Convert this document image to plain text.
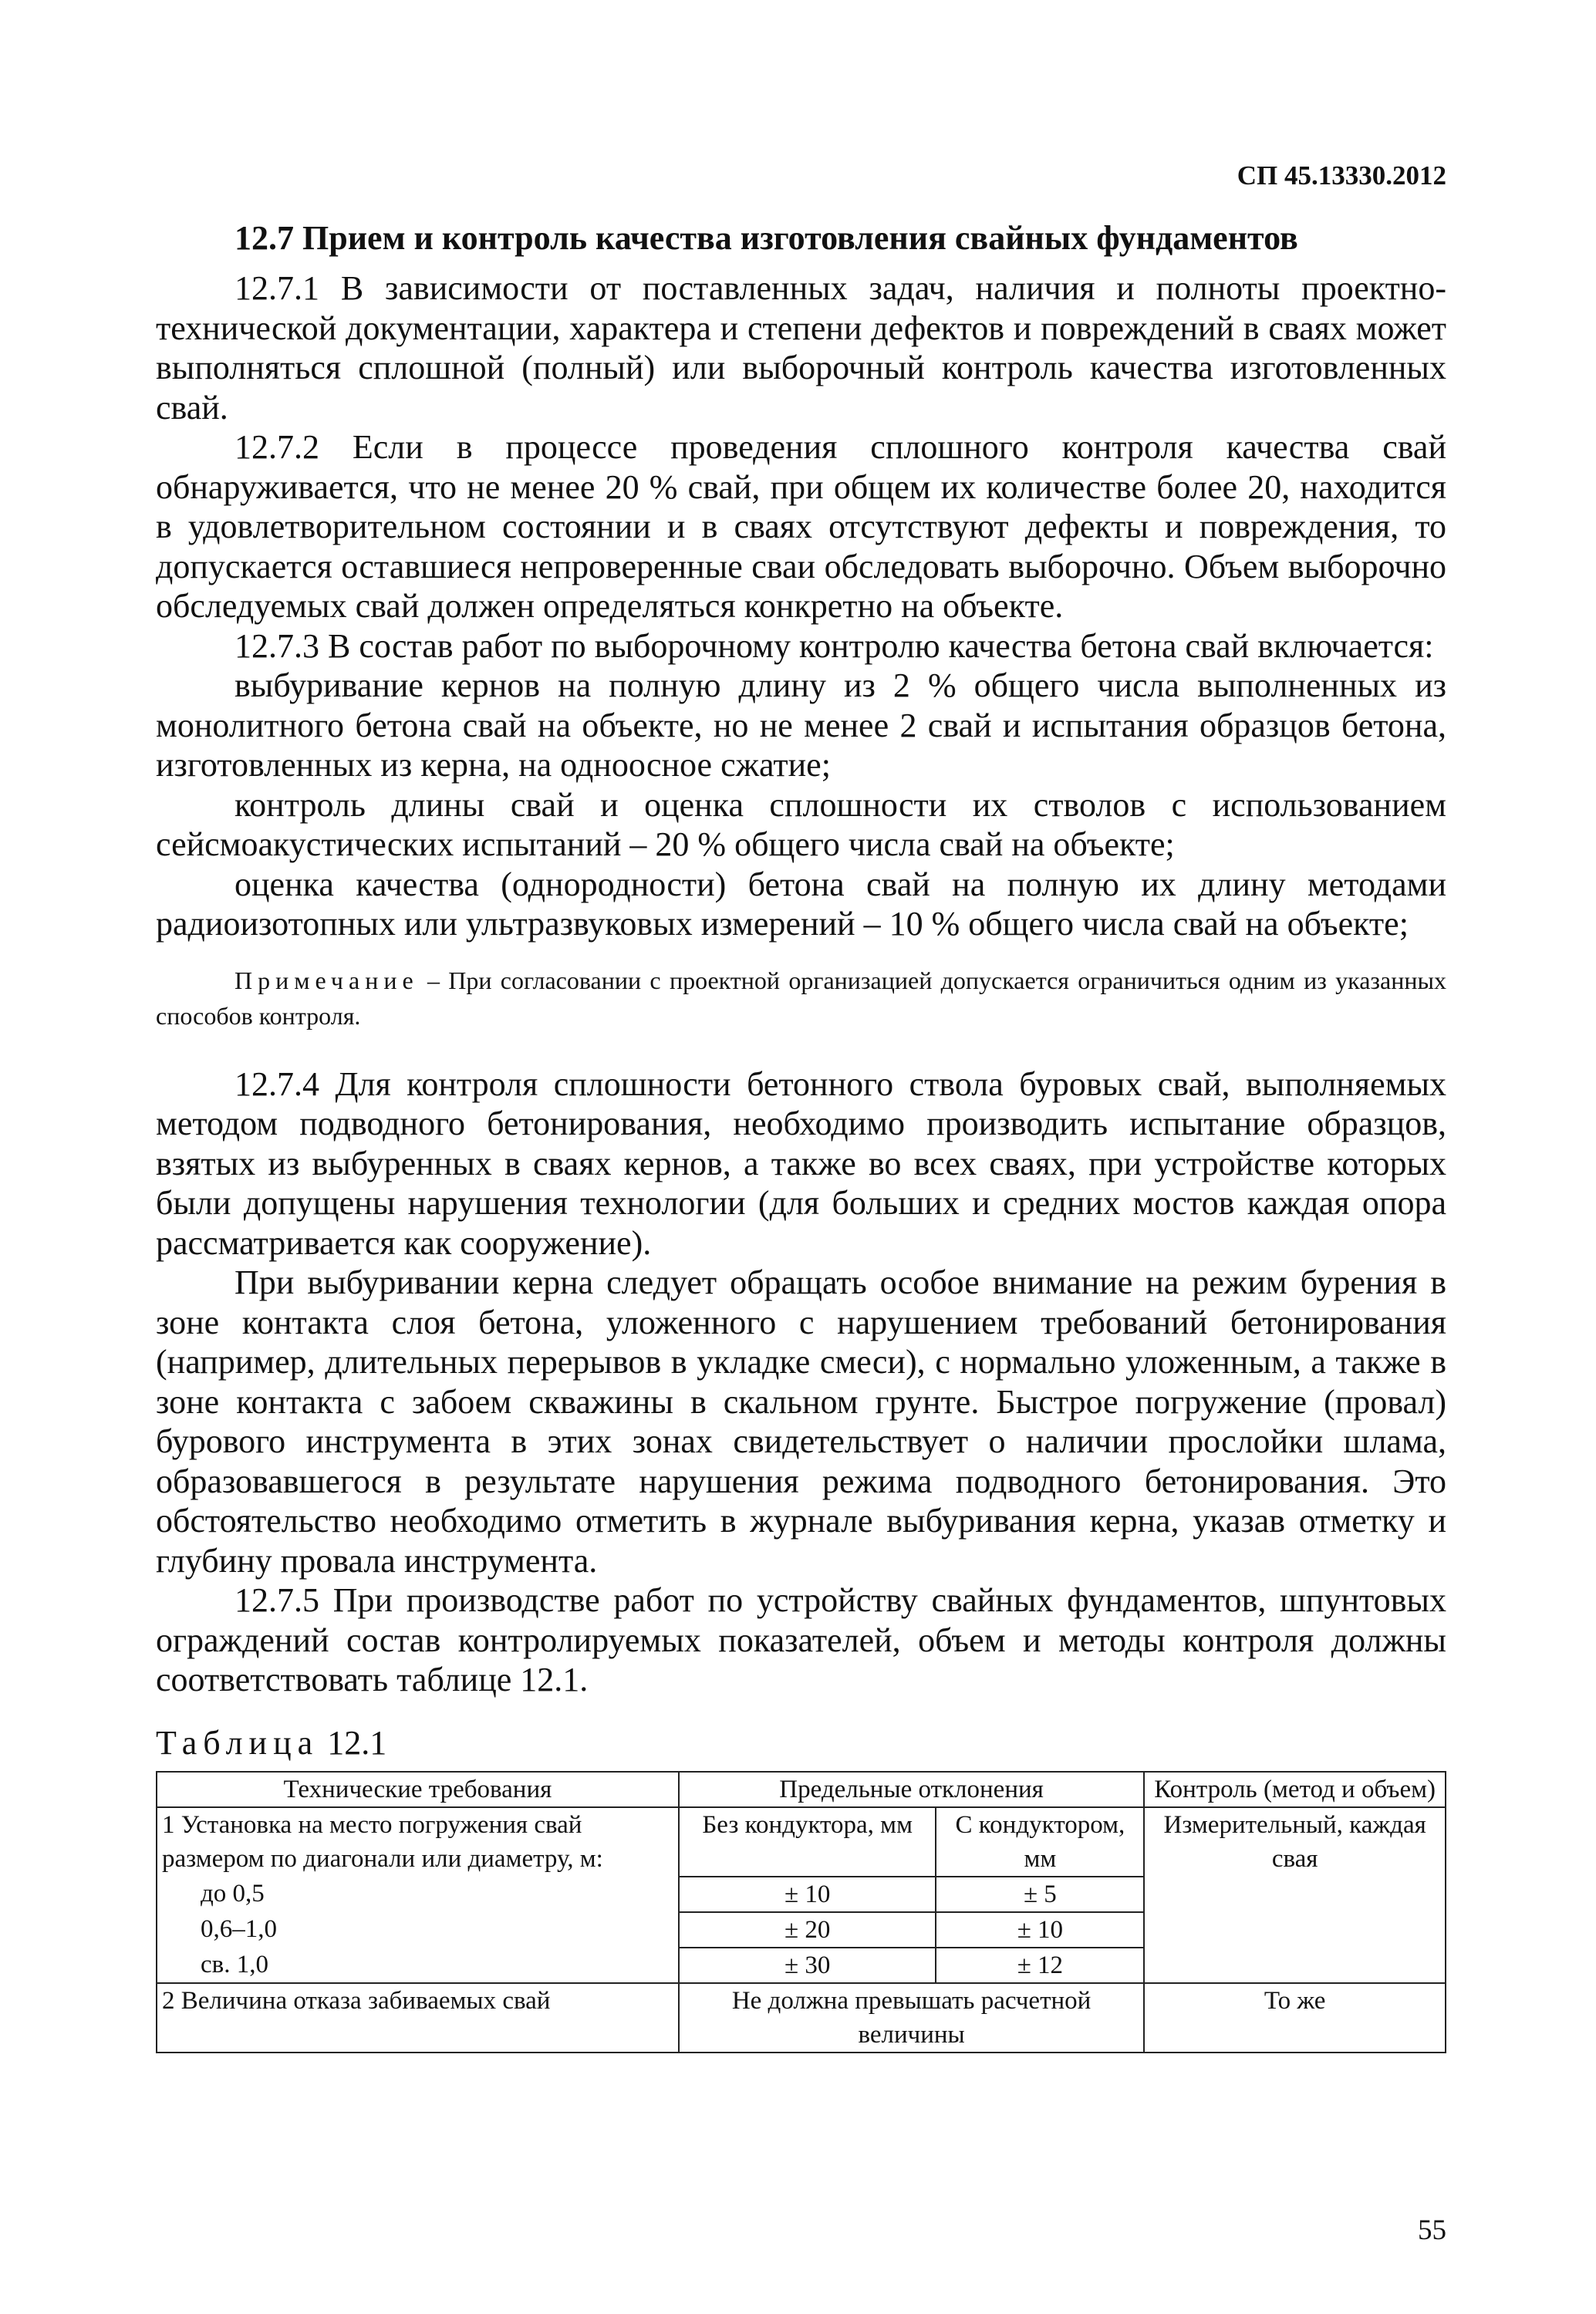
СП 45.13330.2012
12.7 Прием и контроль качества изготовления свайных фундаментов

12.7.1 В зависимости от поставленных задач, наличия и полноты проектно-технической документации, характера и степени дефектов и повреждений в сваях может выполняться сплошной (полный) или выборочный контроль качества изготовленных свай.

12.7.2 Если в процессе проведения сплошного контроля качества свай обнаруживается, что не менее 20 % свай, при общем их количестве более 20, находится в удовлетворительном состоянии и в сваях отсутствуют дефекты и повреждения, то допускается оставшиеся непроверенные сваи обследовать выборочно. Объем выборочно обследуемых свай должен определяться конкретно на объекте.

12.7.3 В состав работ по выборочному контролю качества бетона свай включается:

выбуривание кернов на полную длину из 2 % общего числа выполненных из монолитного бетона свай на объекте, но не менее 2 свай и испытания образцов бетона, изготовленных из керна, на одноосное сжатие;

контроль длины свай и оценка сплошности их стволов с использованием сейсмоакустических испытаний – 20 % общего числа свай на объекте;

оценка качества (однородности) бетона свай на полную их длину методами радиоизотопных или ультразвуковых измерений – 10 % общего числа свай на объекте;

Примечание – При согласовании с проектной организацией допускается ограничиться одним из указанных способов контроля.

12.7.4 Для контроля сплошности бетонного ствола буровых свай, выполняемых методом подводного бетонирования, необходимо производить испытание образцов, взятых из выбуренных в сваях кернов, а также во всех сваях, при устройстве которых были допущены нарушения технологии (для больших и средних мостов каждая опора рассматривается как сооружение).

При выбуривании керна следует обращать особое внимание на режим бурения в зоне контакта слоя бетона, уложенного с нарушением требований бетонирования (например, длительных перерывов в укладке смеси), с нормально уложенным, а также в зоне контакта с забоем скважины в скальном грунте. Быстрое погружение (провал) бурового инструмента в этих зонах свидетельствует о наличии прослойки шлама, образовавшегося в результате нарушения режима подводного бетонирования. Это обстоятельство необходимо отметить в журнале выбуривания керна, указав отметку и глубину провала инструмента.

12.7.5 При производстве работ по устройству свайных фундаментов, шпунтовых ограждений состав контролируемых показателей, объем и методы контроля должны соответствовать таблице 12.1.

Таблица 12.1
Технические требования	Предельные отклонения		Контроль (метод и объем)

1 Установка на место погружения свай
размером по диагонали или диаметру, м:	Без кондуктора, мм	С кондуктором, мм	Измерительный, каждая свая
до 0,5	± 10	± 5	
0,6–1,0	± 20	± 10	
св. 1,0	± 30	± 12	
2 Величина отказа забиваемых свай	Не должна превышать расчетной величины		То же
55
